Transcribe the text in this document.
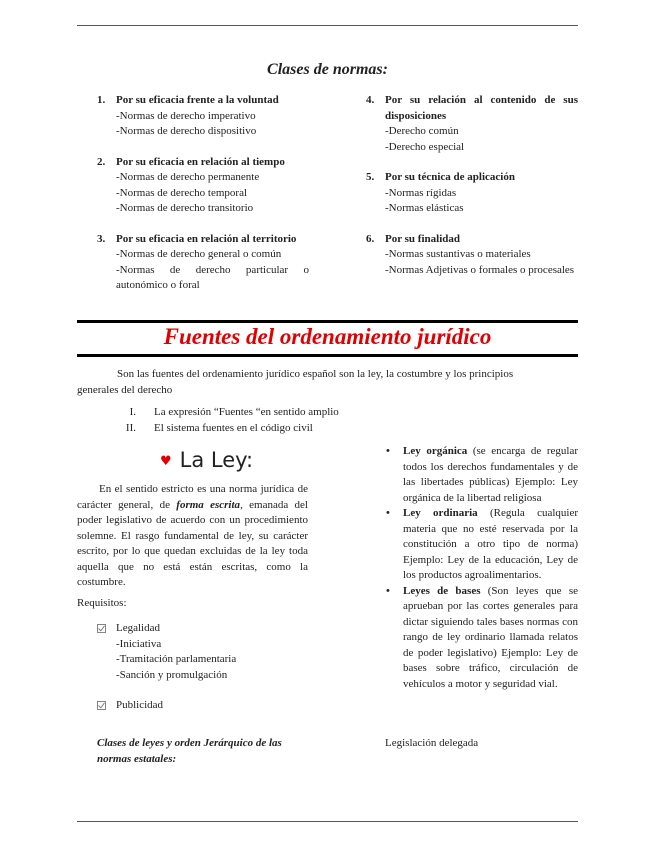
Clases de normas:
1. Por su eficacia frente a la voluntad
-Normas de derecho imperativo
-Normas de derecho dispositivo
2. Por su eficacia en relación al tiempo
-Normas de derecho permanente
-Normas de derecho temporal
-Normas de derecho transitorio
3. Por su eficacia en relación al territorio
-Normas de derecho general o común
-Normas de derecho particular o autonómico o foral
4. Por su relación al contenido de sus disposiciones
-Derecho común
-Derecho especial
5. Por su técnica de aplicación
-Normas rígidas
-Normas elásticas
6. Por su finalidad
-Normas sustantivas o materiales
-Normas Adjetivas o formales o procesales
Fuentes del ordenamiento jurídico
Son las fuentes del ordenamiento jurídico español son la ley, la costumbre y los principios generales del derecho
I. La expresión “Fuentes “en sentido amplio
II. El sistema fuentes en el código civil
♥ La Ley:
En el sentido estricto es una norma jurídica de carácter general, de forma escrita, emanada del poder legislativo de acuerdo con un procedimiento solemne. El rasgo fundamental de ley, su carácter escrito, por lo que quedan excluidas de la ley toda aquella que no está están escritas, como la costumbre.
Requisitos:
Legalidad
-Iniciativa
-Tramitación parlamentaria
-Sanción y promulgación
Publicidad
Clases de leyes y orden Jerárquico de las normas estatales:
• Ley orgánica (se encarga de regular todos los derechos fundamentales y de las libertades públicas) Ejemplo: Ley orgánica de la libertad religiosa
• Ley ordinaria (Regula cualquier materia que no esté reservada por la constitución a otro tipo de norma) Ejemplo: Ley de la educación, Ley de los productos agroalimentarios.
• Leyes de bases (Son leyes que se aprueban por las cortes generales para dictar siguiendo tales bases normas con rango de ley ordinario llamada relatos de poder legislativo) Ejemplo: Ley de bases sobre tráfico, circulación de vehículos a motor y seguridad vial.
Legislación delegada
